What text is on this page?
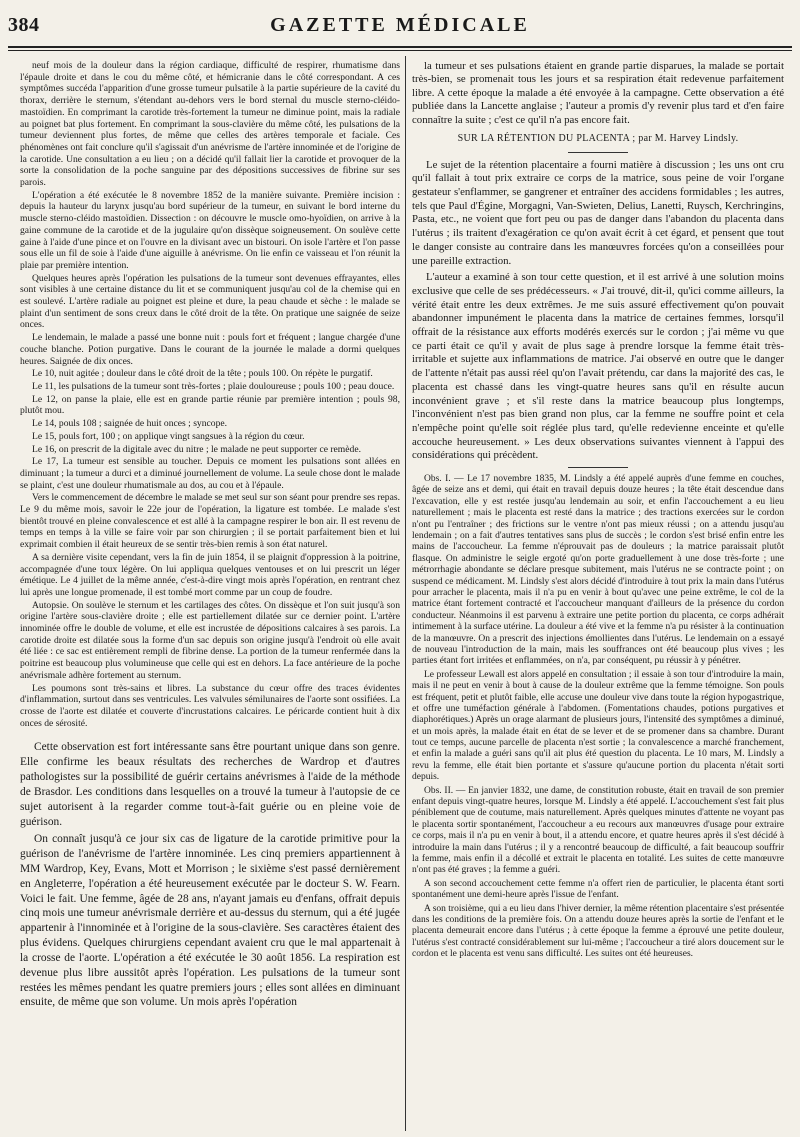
384	GAZETTE MÉDICALE

neuf mois de la douleur dans la région cardiaque, difficulté de respirer, rhumatisme dans l'épaule droite et dans le cou du même côté, et hémicranie dans le côté correspondant. A ces symptômes succéda l'apparition d'une grosse tumeur pulsatile à la partie supérieure de la cavité du thorax, derrière le sternum, s'étendant au-dehors vers le bord sternal du muscle sterno-cléido-mastoïdien. En comprimant la carotide très-fortement la tumeur ne diminue point, mais la radiale au poignet bat plus fortement. En comprimant la sous-clavière du même côté, les pulsations de la tumeur deviennent plus fortes, de même que celles des artères temporale et faciale. Ces phénomènes ont fait conclure qu'il s'agissait d'un anévrisme de l'artère innominée et de l'origine de la carotide. Une consultation a eu lieu ; on a décidé qu'il fallait lier la carotide et provoquer de la sorte la consolidation de la poche sanguine par des dépositions successives de fibrine sur ses parois.

L'opération a été exécutée le 8 novembre 1852 de la manière suivante. Première incision : depuis la hauteur du larynx jusqu'au bord supérieur de la tumeur, en suivant le bord interne du muscle sterno-cléido mastoïdien. Dissection : on découvre le muscle omo-hyoïdien, on arrive à la gaine commune de la carotide et de la jugulaire qu'on dissèque soigneusement. On soulève cette gaine à l'aide d'une pince et on l'ouvre en la divisant avec un bistouri. On isole l'artère et l'on passe sous elle un fil de soie à l'aide d'une aiguille à anévrisme. On lie enfin ce vaisseau et l'on réunit la plaie par première intention.

Quelques heures après l'opération les pulsations de la tumeur sont devenues effrayantes, elles sont visibles à une certaine distance du lit et se communiquent jusqu'au col de la chemise qui en est soulevé. L'artère radiale au poignet est pleine et dure, la peau chaude et sèche : le malade se plaint d'un sentiment de sons creux dans le côté droit de la tête. On pratique une saignée de seize onces.

Le lendemain, le malade a passé une bonne nuit : pouls fort et fréquent ; langue chargée d'une couche blanche. Potion purgative. Dans le courant de la journée le malade a dormi quelques heures. Saignée de dix onces.

Le 10, nuit agitée ; douleur dans le côté droit de la tête ; pouls 100. On répète le purgatif.

Le 11, les pulsations de la tumeur sont très-fortes ; plaie douloureuse ; pouls 100 ; peau douce.

Le 12, on panse la plaie, elle est en grande partie réunie par première intention ; pouls 98, plutôt mou.

Le 14, pouls 108 ; saignée de huit onces ; syncope.

Le 15, pouls fort, 100 ; on applique vingt sangsues à la région du cœur.

Le 16, on prescrit de la digitale avec du nitre ; le malade ne peut supporter ce remède.

Le 17, La tumeur est sensible au toucher. Depuis ce moment les pulsations sont allées en diminuant ; la tumeur a durci et a diminué journellement de volume. La seule chose dont le malade se plaint, c'est une douleur rhumatismale au dos, au cou et à l'épaule.

Vers le commencement de décembre le malade se met seul sur son séant pour prendre ses repas. Le 9 du même mois, savoir le 22e jour de l'opération, la ligature est tombée. Le malade s'est bientôt trouvé en pleine convalescence et est allé à la campagne respirer le bon air. Il est revenu de temps en temps à la ville se faire voir par son chirurgien ; il se portait parfaitement bien et lui exprimait combien il était heureux de se sentir très-bien remis à son état naturel.

A sa dernière visite cependant, vers la fin de juin 1854, il se plaignit d'oppression à la poitrine, accompagnée d'une toux légère. On lui appliqua quelques ventouses et on lui prescrit un léger émétique. Le 4 juillet de la même année, c'est-à-dire vingt mois après l'opération, en rentrant chez lui après une longue promenade, il est tombé mort comme par un coup de foudre.

Autopsie. On soulève le sternum et les cartilages des côtes. On dissèque et l'on suit jusqu'à son origine l'artère sous-clavière droite ; elle est partiellement dilatée sur ce dernier point. L'artère innominée offre le double de volume, et elle est incrustée de dépositions calcaires à ses parois. La carotide droite est dilatée sous la forme d'un sac depuis son origine jusqu'à l'endroit où elle avait été liée : ce sac est entièrement rempli de fibrine dense. La portion de la tumeur renfermée dans la poitrine est beaucoup plus volumineuse que celle qui est en dehors. La face antérieure de la poche anévrismale adhère fortement au sternum.

Les poumons sont très-sains et libres. La substance du cœur offre des traces évidentes d'inflammation, surtout dans ses ventricules. Les valvules sémilunaires de l'aorte sont ossifiées. La crosse de l'aorte est dilatée et couverte d'incrustations calcaires. Le péricarde contient huit à dix onces de sérosité.

Cette observation est fort intéressante sans être pourtant unique dans son genre. Elle confirme les beaux résultats des recherches de Wardrop et d'autres pathologistes sur la possibilité de guérir certains anévrismes à l'aide de la méthode de Brasdor. Les conditions dans lesquelles on a trouvé la tumeur à l'autopsie de ce sujet autorisent à la regarder comme tout-à-fait guérie ou en pleine voie de guérison.

On connaît jusqu'à ce jour six cas de ligature de la carotide primitive pour la guérison de l'anévrisme de l'artère innominée. Les cinq premiers appartiennent à MM Wardrop, Key, Evans, Mott et Morrison ; le sixième s'est passé dernièrement en Angleterre, l'opération a été heureusement exécutée par le docteur S. W. Fearn. Voici le fait. Une femme, âgée de 28 ans, n'ayant jamais eu d'enfans, offrait depuis cinq mois une tumeur anévrismale derrière et au-dessus du sternum, qui a été jugée appartenir à l'innominée et à l'origine de la sous-clavière. Ses caractères étaient des plus évidens. Quelques chirurgiens cependant avaient cru que le mal appartenait à la crosse de l'aorte. L'opération a été exécutée le 30 août 1856. La respiration est devenue plus libre aussitôt après l'opération. Les pulsations de la tumeur sont restées les mêmes pendant les quatre premiers jours ; elles sont allées en diminuant ensuite, de même que son volume. Un mois après l'opération

la tumeur et ses pulsations étaient en grande partie disparues, la malade se portait très-bien, se promenait tous les jours et sa respiration était redevenue parfaitement libre. A cette époque la malade a été envoyée à la campagne. Cette observation a été publiée dans la Lancette anglaise ; l'auteur a promis d'y revenir plus tard et d'en faire connaître la suite ; c'est ce qu'il n'a pas encore fait.

SUR LA RÉTENTION DU PLACENTA ; par M. Harvey Lindsly.

Le sujet de la rétention placentaire a fourni matière à discussion ; les uns ont cru qu'il fallait à tout prix extraire ce corps de la matrice, sous peine de voir l'organe gestateur s'enflammer, se gangrener et entraîner des accidens formidables ; les autres, tels que Paul d'Égine, Morgagni, Van-Swieten, Delius, Lanetti, Ruysch, Kerchringins, Pasta, etc., ne voient que fort peu ou pas de danger dans l'abandon du placenta dans l'utérus ; ils traitent d'exagération ce qu'on avait écrit à cet égard, et pensent que tout le danger consiste au contraire dans les manœuvres forcées qu'on a conseillées pour une pareille extraction.

L'auteur a examiné à son tour cette question, et il est arrivé à une solution moins exclusive que celle de ses prédécesseurs. « J'ai trouvé, dit-il, qu'ici comme ailleurs, la vérité était entre les deux extrêmes. Je me suis assuré effectivement qu'on pouvait abandonner impunément le placenta dans la matrice de certaines femmes, lorsqu'il offrait de la résistance aux efforts modérés exercés sur le cordon ; j'ai même vu que ce parti était ce qu'il y avait de plus sage à prendre lorsque la femme était très-irritable et sujette aux inflammations de matrice. J'ai observé en outre que le danger de l'attente n'était pas aussi réel qu'on l'avait prétendu, car dans la majorité des cas, le placenta est chassé dans les vingt-quatre heures sans qu'il en résulte aucun inconvénient grave ; et s'il reste dans la matrice beaucoup plus longtemps, l'inconvénient n'est pas bien grand non plus, car la femme ne souffre point et cela n'empêche point qu'elle soit réglée plus tard, qu'elle redevienne enceinte et qu'elle accouche heureusement. » Les deux observations suivantes viennent à l'appui des considérations qui précèdent.

Obs. I. — Le 17 novembre 1835, M. Lindsly a été appelé auprès d'une femme en couches, âgée de seize ans et demi, qui était en travail depuis douze heures ; la tête était descendue dans l'excavation, elle y est restée jusqu'au lendemain au soir, et enfin l'accouchement a eu lieu naturellement ; mais le placenta est resté dans la matrice ; des tractions exercées sur le cordon n'ont pu l'entraîner ; des frictions sur le ventre n'ont pas mieux réussi ; on a attendu jusqu'au lendemain ; on a fait d'autres tentatives sans plus de succès ; le cordon s'est brisé enfin entre les mains de l'accoucheur. La femme n'éprouvait pas de douleurs ; la matrice paraissait plutôt flasque. On administre le seigle ergoté qu'on porte graduellement à une dose très-forte ; une métrorrhagie abondante se déclare presque subitement, mais l'utérus ne se contracte point ; on suspend ce médicament. M. Lindsly s'est alors décidé d'introduire à tout prix la main dans l'utérus pour arracher le placenta, mais il n'a pu en venir à bout qu'avec une peine extrême, le col de la matrice étant fortement contracté et l'accoucheur manquant d'ailleurs de la présence du cordon conducteur. Néanmoins il est parvenu à extraire une petite portion du placenta, ce corps adhérait intimement à la surface utérine. La douleur a été vive et la femme n'a pu résister à la continuation de la manœuvre. On a prescrit des injections émollientes dans l'utérus. Le lendemain on a essayé de nouveau l'introduction de la main, mais les souffrances ont été beaucoup plus vives ; les parties étant fort irritées et enflammées, on n'a, par conséquent, pu réussir à y pénétrer.

Le professeur Lewall est alors appelé en consultation ; il essaie à son tour d'introduire la main, mais il ne peut en venir à bout à cause de la douleur extrême que la femme témoigne. Son pouls est fréquent, petit et plutôt faible, elle accuse une douleur vive dans toute la région hypogastrique, et offre une tuméfaction générale à l'abdomen. (Fomentations chaudes, potions purgatives et diaphorétiques.) Après un orage alarmant de plusieurs jours, l'intensité des symptômes a diminué, et un mois après, la malade était en état de se lever et de se promener dans sa chambre. Durant tout ce temps, aucune parcelle de placenta n'est sortie ; la convalescence a marché franchement, et enfin la malade a guéri sans qu'il ait plus été question du placenta. Le 10 mars, M. Lindsly a revu la femme, elle était bien portante et s'assure qu'aucune portion du placenta n'était sorti depuis.

Obs. II. — En janvier 1832, une dame, de constitution robuste, était en travail de son premier enfant depuis vingt-quatre heures, lorsque M. Lindsly a été appelé. L'accouchement s'est fait plus péniblement que de coutume, mais naturellement. Après quelques minutes d'attente ne voyant pas le placenta sortir spontanément, l'accoucheur a eu recours aux manœuvres d'usage pour extraire ce corps, mais il n'a pu en venir à bout, il a attendu encore, et quatre heures après il s'est décidé à introduire la main dans l'utérus ; il y a rencontré beaucoup de difficulté, a fait beaucoup souffrir la femme, mais enfin il a décollé et extrait le placenta en totalité. Les suites de cette manœuvre n'ont pas été graves ; la femme a guéri.

A son second accouchement cette femme n'a offert rien de particulier, le placenta étant sorti spontanément une demi-heure après l'issue de l'enfant.

A son troisième, qui a eu lieu dans l'hiver dernier, la même rétention placentaire s'est présentée dans les conditions de la première fois. On a attendu douze heures après la sortie de l'enfant et le placenta demeurait encore dans l'utérus ; à cette époque la femme a éprouvé une petite douleur, l'utérus s'est contracté considérablement sur lui-même ; l'accoucheur a tiré alors doucement sur le cordon et le placenta est venu sans difficulté. Les suites ont été heureuses.
